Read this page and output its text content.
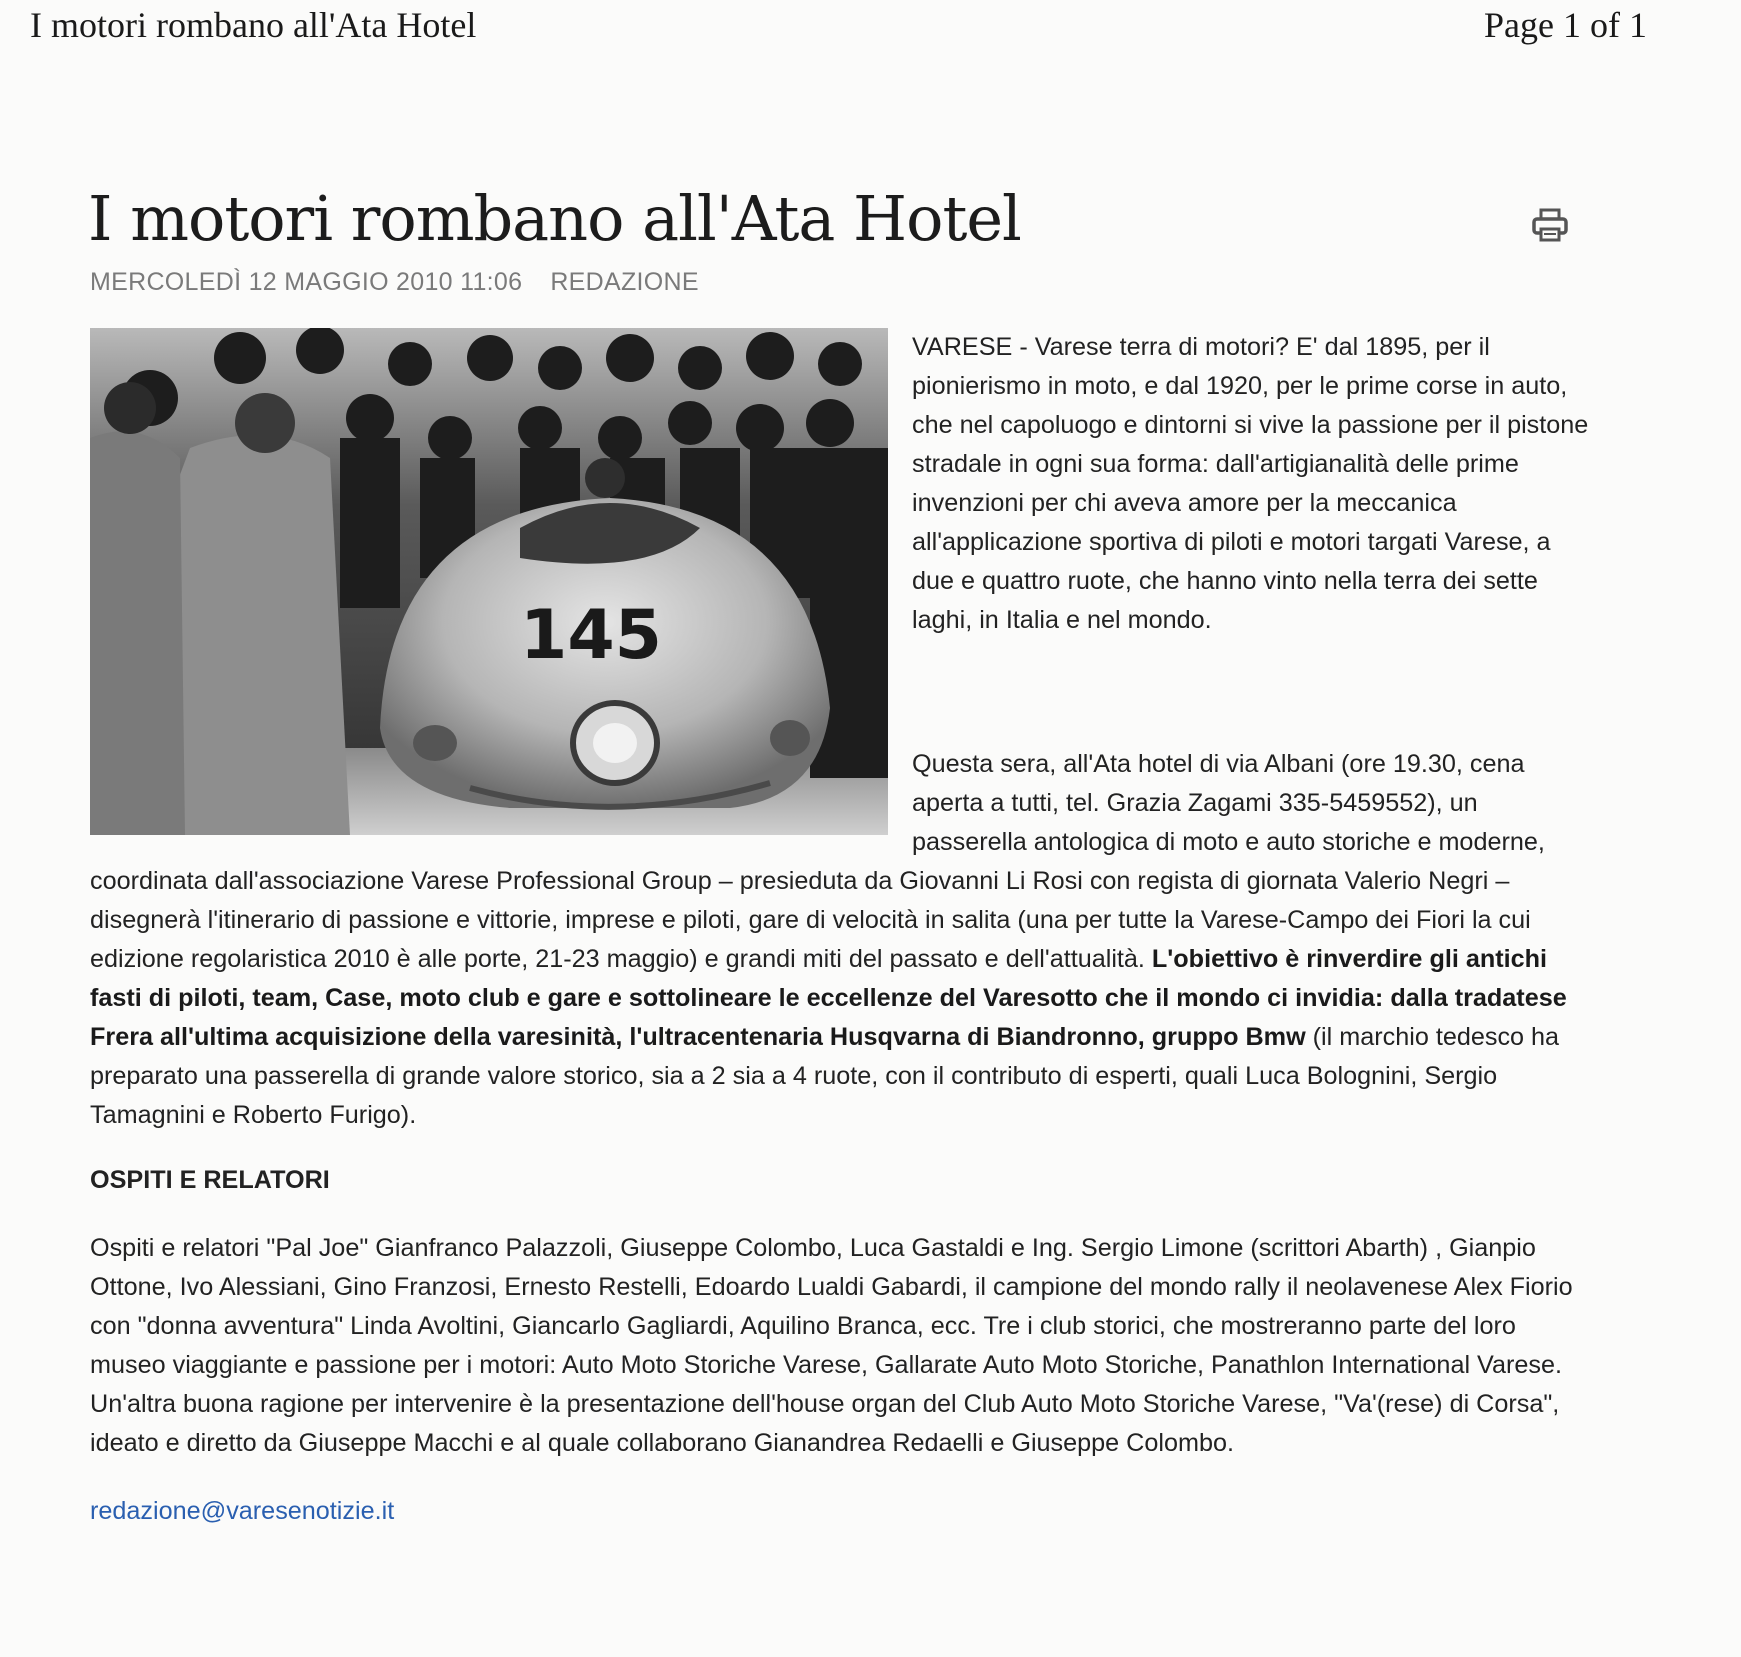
I motori rombano all'Ata Hotel	Page 1 of 1
I motori rombano all'Ata Hotel
MERCOLEDÌ 12 MAGGIO 2010 11:06 REDAZIONE
145

VARESE - Varese terra di motori? E' dal 1895, per il pionierismo in moto, e dal 1920, per le prime corse in auto, che nel capoluogo e dintorni si vive la passione per il pistone stradale in ogni sua forma: dall'artigianalità delle prime invenzioni per chi aveva amore per la meccanica all'applicazione sportiva di piloti e motori targati Varese, a due e quattro ruote, che hanno vinto nella terra dei sette laghi, in Italia e nel mondo.

Questa sera, all'Ata hotel di via Albani (ore 19.30, cena aperta a tutti, tel. Grazia Zagami 335-5459552), un passerella antologica di moto e auto storiche e moderne, coordinata dall'associazione Varese Professional Group – presieduta da Giovanni Li Rosi con regista di giornata Valerio Negri – disegnerà l'itinerario di passione e vittorie, imprese e piloti, gare di velocità in salita (una per tutte la Varese-Campo dei Fiori la cui edizione regolaristica 2010 è alle porte, 21-23 maggio) e grandi miti del passato e dell'attualità. L'obiettivo è rinverdire gli antichi fasti di piloti, team, Case, moto club e gare e sottolineare le eccellenze del Varesotto che il mondo ci invidia: dalla tradatese Frera all'ultima acquisizione della varesinità, l'ultracentenaria Husqvarna di Biandronno, gruppo Bmw (il marchio tedesco ha preparato una passerella di grande valore storico, sia a 2 sia a 4 ruote, con il contributo di esperti, quali Luca Bolognini, Sergio Tamagnini e Roberto Furigo).

OSPITI E RELATORI

Ospiti e relatori "Pal Joe" Gianfranco Palazzoli, Giuseppe Colombo, Luca Gastaldi e Ing. Sergio Limone (scrittori Abarth) , Gianpio Ottone, Ivo Alessiani, Gino Franzosi, Ernesto Restelli, Edoardo Lualdi Gabardi, il campione del mondo rally il neolavenese Alex Fiorio con "donna avventura" Linda Avoltini, Giancarlo Gagliardi, Aquilino Branca, ecc. Tre i club storici, che mostreranno parte del loro museo viaggiante e passione per i motori: Auto Moto Storiche Varese, Gallarate Auto Moto Storiche, Panathlon International Varese. Un'altra buona ragione per intervenire è la presentazione dell'house organ del Club Auto Moto Storiche Varese, "Va'(rese) di Corsa", ideato e diretto da Giuseppe Macchi e al quale collaborano Gianandrea Redaelli e Giuseppe Colombo.

redazione@varesenotizie.it
